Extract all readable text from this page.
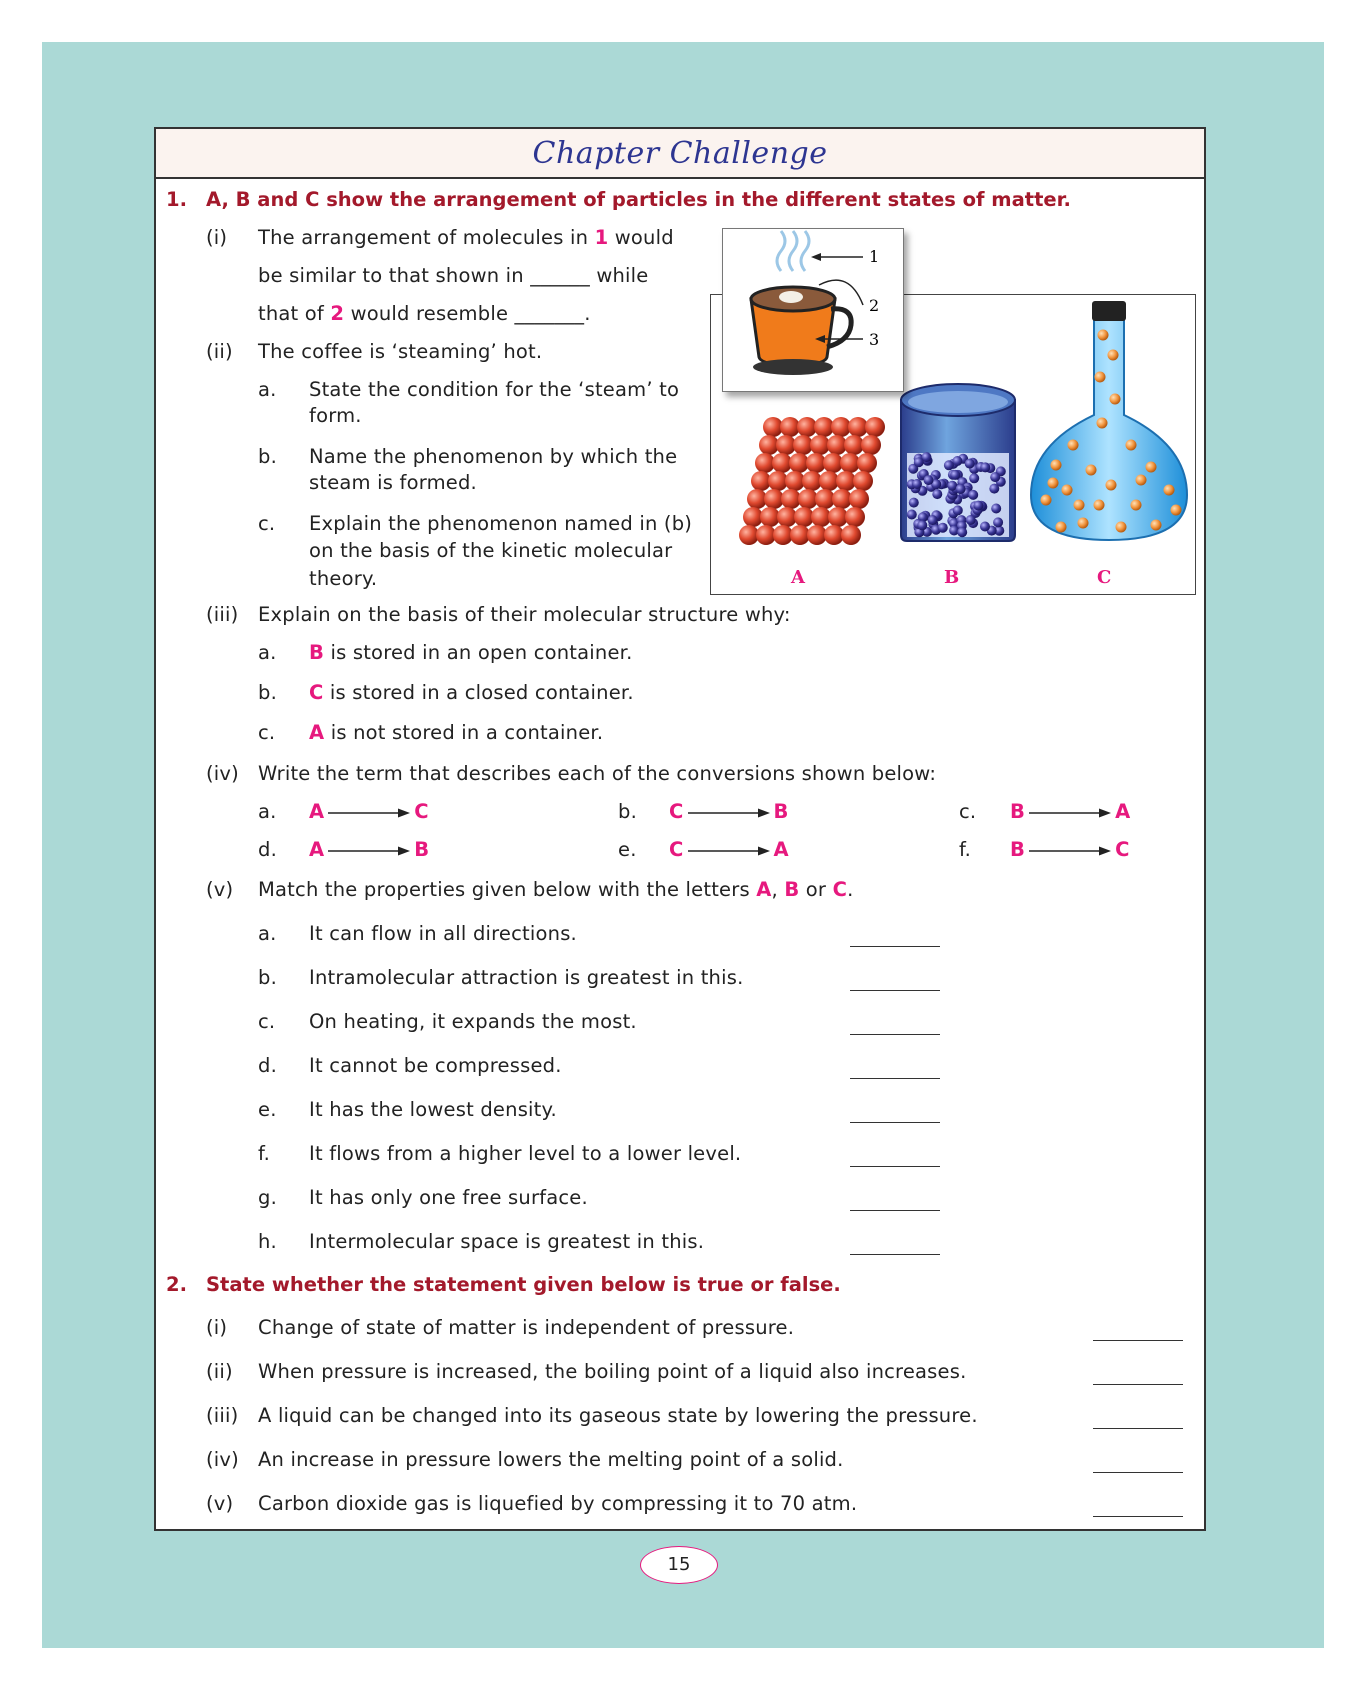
Chapter Challenge
1. A, B and C show the arrangement of particles in the different states of matter.
(i) The arrangement of molecules in 1 would
be similar to that shown in ______ while
that of 2 would resemble _______.
(ii) The coffee is ‘steaming’ hot.
a. State the condition for the ‘steam’ to
form.
b. Name the phenomenon by which the
steam is formed.
c. Explain the phenomenon named in (b)
on the basis of the kinetic molecular
theory.	A	B	C
1
2
3
(iii) Explain on the basis of their molecular structure why:
a. B is stored in an open container.
b. C is stored in a closed container.
c. A is not stored in a container.
(iv) Write the term that describes each of the conversions shown below:
a. A	C	b. C	B	c. B	A
d. A	B	e. C	A	f. B	C
(v) Match the properties given below with the letters A, B or C.
a. It can flow in all directions.
b. Intramolecular attraction is greatest in this.
c. On heating, it expands the most.
d. It cannot be compressed.
e. It has the lowest density.
f. It flows from a higher level to a lower level.
g. It has only one free surface.
h. Intermolecular space is greatest in this.
2. State whether the statement given below is true or false.
(i) Change of state of matter is independent of pressure.
(ii) When pressure is increased, the boiling point of a liquid also increases.
(iii) A liquid can be changed into its gaseous state by lowering the pressure.
(iv) An increase in pressure lowers the melting point of a solid.
(v) Carbon dioxide gas is liquefied by compressing it to 70 atm.
15
